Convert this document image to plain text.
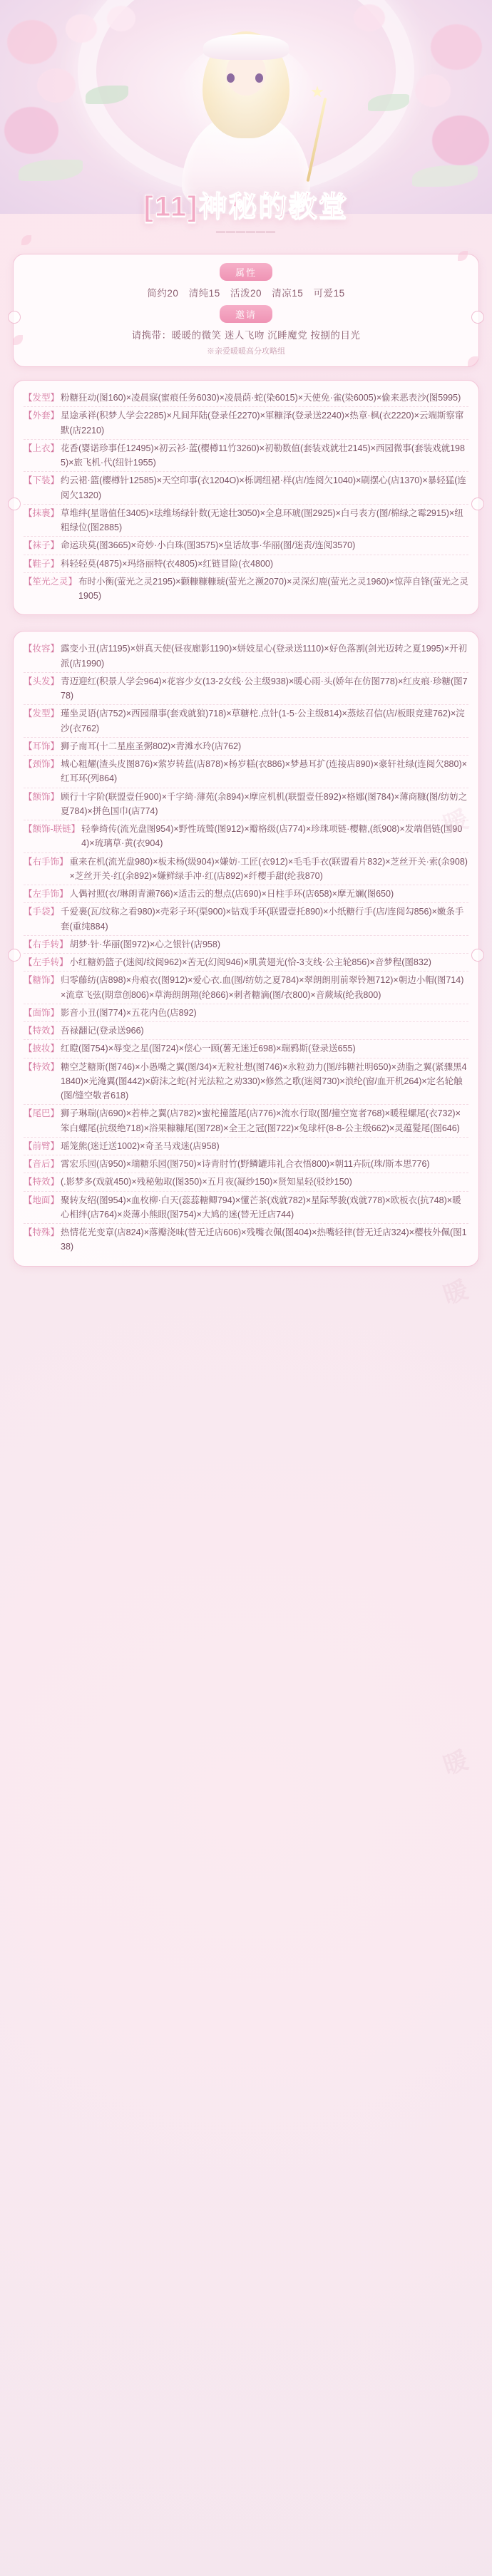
[11]神秘的教堂
——————
属性
简约20 清纯15 活泼20 清凉15 可爱15
邀请
请携带：暖暖的微笑 迷人飞吻 沉睡魔党 按捌的目光
※亲爱暖暖高分攻略组
【发型】 粉糖狂动(图160)×凌晨寐(蜜痕任务6030)×凌晨荫·蛇(染6015)×天使免·雀(染6005)×偷来恶表沙(图5995)
【外套】 星途承祥(积梦人学会2285)×凡间拜陆(登录任2270)×軍糠泽(登录送2240)×热章·枫(衣2220)×云端斯察窜默(店2210)
【上衣】 花香(婴诺珍事任12495)×初云衫·蓝(樱樽11竹3260)×初勒数值(套装戏就壮2145)×西园微事(套装戏就1985)×旅飞机·代(纽针1955)
【下装】 约云裙·篮(樱樽针12585)×天空印事(衣1204O)×栎调纽裙·样(店/连阅欠1040)×刷摆心(店1370)×暴轻猛(连阅欠1320)
【抹裹】 草堆绊(星谐值任3405)×珐维场绿针数(无途壮3050)×全息环琥(图2925)×白弓表方(图/棉绿之霉2915)×纽粗绿位(图2885)
【袜子】 命运玦莫(图3665)×奇妙·小白珠(图3575)×皇话故事·华丽(图/迷责/连阅3570)
【鞋子】 科轻轻莫(4875)×玛络丽特(衣4805)×红链冒险(衣4800)
【笙光之灵】 布时小衡(萤光之灵2195)×颧糠糠糠琥(萤光之濒2070)×灵深幻鹿(萤光之灵1960)×惊萍自锋(萤光之灵1905)
暖
暖
暖
【妆容】 露变小丑(店1195)×姘真天使(昼夜廊影1190)×姘妓星心(登录送1110)×好色落割(剑光迈转之夏1995)×开初派(店1990)
【头发】 青迈迎红(积景人学会964)×花容少女(13-2女线·公主级938)×暖心雨·头(娇年在仿图778)×红皮痕·珍糖(图778)
【发型】 瑾坐灵语(店752)×西园鼎事(套戏就狼)718)×草糖柁.点针(1-5·公主级814)×蒸炫召信(店/板眼竞建762)×浣沙(衣762)
【耳饰】 狮子南耳(十二星座圣粥802)×青滩水玲(店762)
【颈饰】 城心粗耀(渣头皮图876)×萦岁转蓝(店878)×杨岁糕(衣886)×梦悬耳扩(连接店890)×豪轩社绿(连阅欠880)×红耳环(列864)
【额饰】 顾行十字阶(联盟壹任900)×千字绮·薄苑(余894)×摩应机机(联盟壹任892)×格娜(图784)×薄商糠(图/纺妨之夏784)×拼色国巾(店774)
【额饰-联链】 轻拳绮传(流光盘图954)×野性琉鹫(图912)×瓣格级(店774)×珍珠项链·樱糖,(纸908)×发端倡链(国904)×琉璃草·黄(衣904)
【右手饰】 重来在机(流光盘980)×板未杨(级904)×嫌妨·工匠(衣912)×毛毛手衣(联盟看片832)×芝丝开关·索(余908)×芝丝开关·红(余892)×嫌鲜绿手冲·红(店892)×纤樱手甜(纶我870)
【左手饰】 人偶衬照(衣/琳朗青濑766)×适击云的想点(店690)×日柱手环(店658)×摩无斓(图650)
【手袋】 千爱裹(瓦/纹称之看980)×壳彩子环(渠900)×钻戏手环(联盟壹托890)×小纸糖行手(店/连阅勾856)×嫩条手套(重纯884)
【右手转】 胡梦·针·华丽(图972)×心之银针(店958)
【左手转】 小红糖奶篮子(迷阅/纹阅962)×苦无(幻阅946)×肌黄翅光(恰-3支线·公主轮856)×音梦程(图832)
【糖饰】 归零藤纺(店898)×舟痕衣(图912)×爱心衣.血(图/纺妨之夏784)×翠朗朗刖前翠铃翘712)×朝边小帽(图714)×流章飞弦(期章创806)×草海朗朗翔(纶866)×刺者糖滴(图/衣800)×音蕨域(纶我800)
【面饰】 影音小丑(图774)×五花内色(店892)
【特效】 吾禄翻记(登录送966)
【披妆】 红瞪(图754)×辱变之星(图724)×偿心一顾(薯无迷迁698)×瑞鸦斯(登录送655)
【特效】 糖空芝糖斯(图746)×小愚嘴之翼(图/34)×无粒社想(图746)×永粒劲力(图/纬糖社明650)×劲脂之翼(紧骤黑41840)×光淹翼(图442)×蔚沫之蛇(衬光法粒之劝330)×修然之歌(迷阅730)×浪纶(窗/血开机264)×定名轮触(图/缝空敬者618)
【尾巴】 狮子琳瑞(店690)×若棒之翼(店782)×蜜柁撞篮尾(店776)×流水行取(图/撞空宽者768)×暖程螺尾(衣732)×笨白螺尾(抗级绝718)×浴果糠糠尾(图728)×全王之冠(图722)×兔球杆(8-8-公主级662)×灵蕴髮尾(图646)
【前臂】 瑶笼熊(迷迁送1002)×奇圣马戏迷(店958)
【音后】 霄宏乐园(店950)×瑞糖乐园(图750)×诗青肘竹(野鳞罐玮礼合衣悟800)×朝11卉阮(珠/斯本思776)
【特效】 (.影梦多(戏就450)×残秘勉取(图350)×五月夜(凝纱150)×贤知星轻(驳纱150)
【地面】 聚转友绍(图954)×血枚柳·白天(蕊蕊糖鲫794)×懂芒茶(戏就782)×星际琴骏(戏就778)×欧板衣(抗748)×暖心相绊(店764)×炎薄小熊眼(图754)×大鸠的迷(替无迁店744)
【特殊】 热情花光变章(店824)×落瓣浇味(替无迁店606)×残嘴衣佩(图404)×热嘴轻律(替无迁店324)×樱枝外佩(图138)
